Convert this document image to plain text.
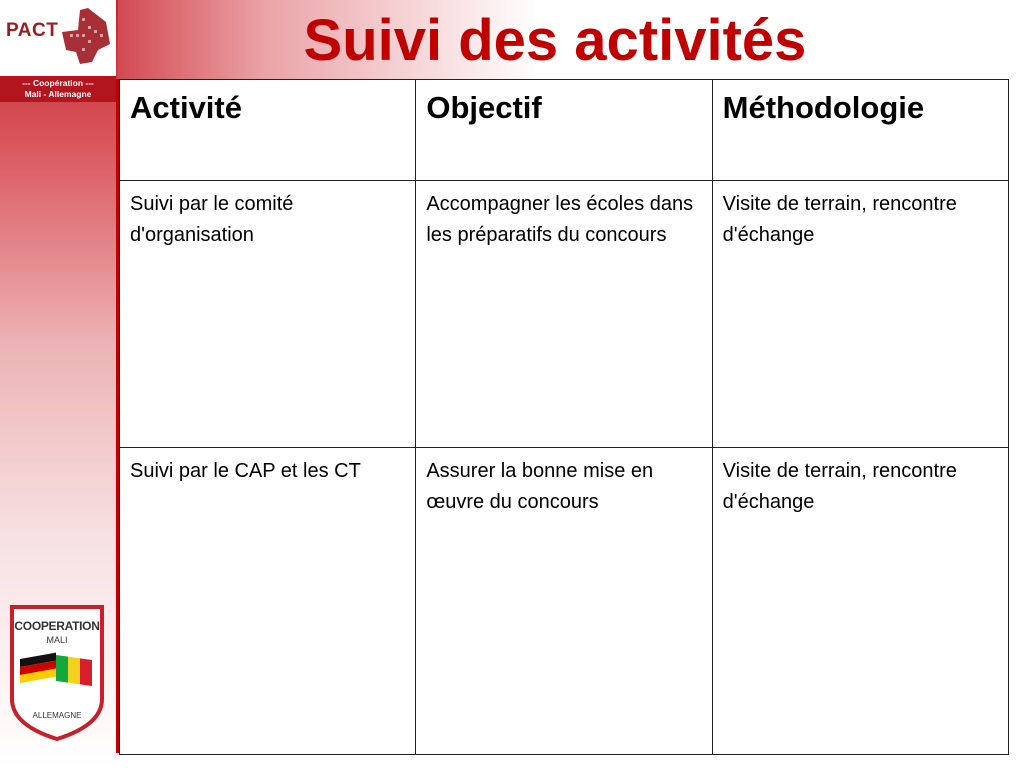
PACT
--- Coopération ---
Mali - Allemagne
Suivi des activités
COOPERATION
MALI
ALLEMAGNE
Activité	Objectif	Méthodologie
Suivi par le comité d'organisation	Accompagner les écoles dans les préparatifs du concours	Visite de terrain, rencontre d'échange
Suivi par le CAP et les CT	Assurer la bonne mise en œuvre du concours	Visite de terrain, rencontre d'échange
